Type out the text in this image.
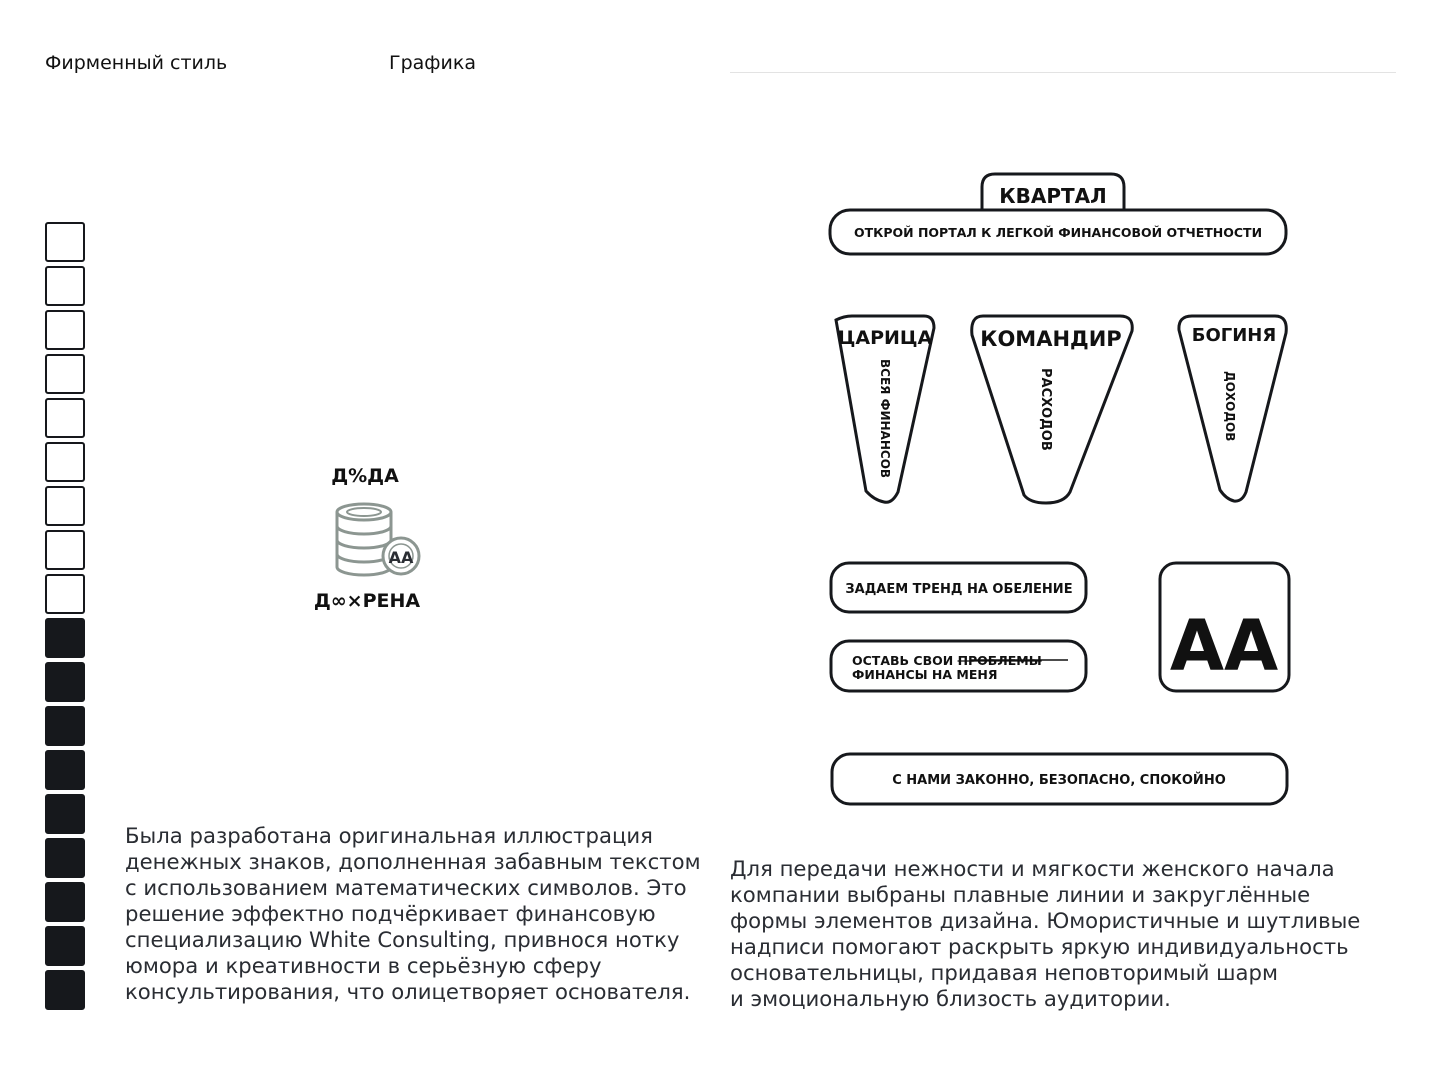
Фирменный стиль	Графика
Д%ДА
AA
Д∞×РЕНА

Была разработана оригинальная иллюстрация
денежных знаков, дополненная забавным текстом
с использованием математических символов. Это
решение эффектно подчёркивает финансовую
специализацию White Consulting, привнося нотку
юмора и креативности в серьёзную сферу
консультирования, что олицетворяет основателя.

КВАРТАЛ
ОТКРОЙ ПОРТАЛ К ЛЕГКОЙ ФИНАНСОВОЙ ОТЧЕТНОСТИ
ЦАРИЦА
ВСЕЯ ФИНАНСОВ
КОМАНДИР
РАСХОДОВ
БОГИНЯ
ДОХОДОВ
ЗАДАЕМ ТРЕНД НА ОБЕЛЕНИЕ
ОСТАВЬ СВОИ ПРОБЛЕМЫ
ФИНАНСЫ НА МЕНЯ AA
С НАМИ ЗАКОННО, БЕЗОПАСНО, СПОКОЙНО

Для передачи нежности и мягкости женского начала
компании выбраны плавные линии и закруглённые
формы элементов дизайна. Юмористичные и шутливые
надписи помогают раскрыть яркую индивидуальность
основательницы, придавая неповторимый шарм
и эмоциональную близость аудитории.
